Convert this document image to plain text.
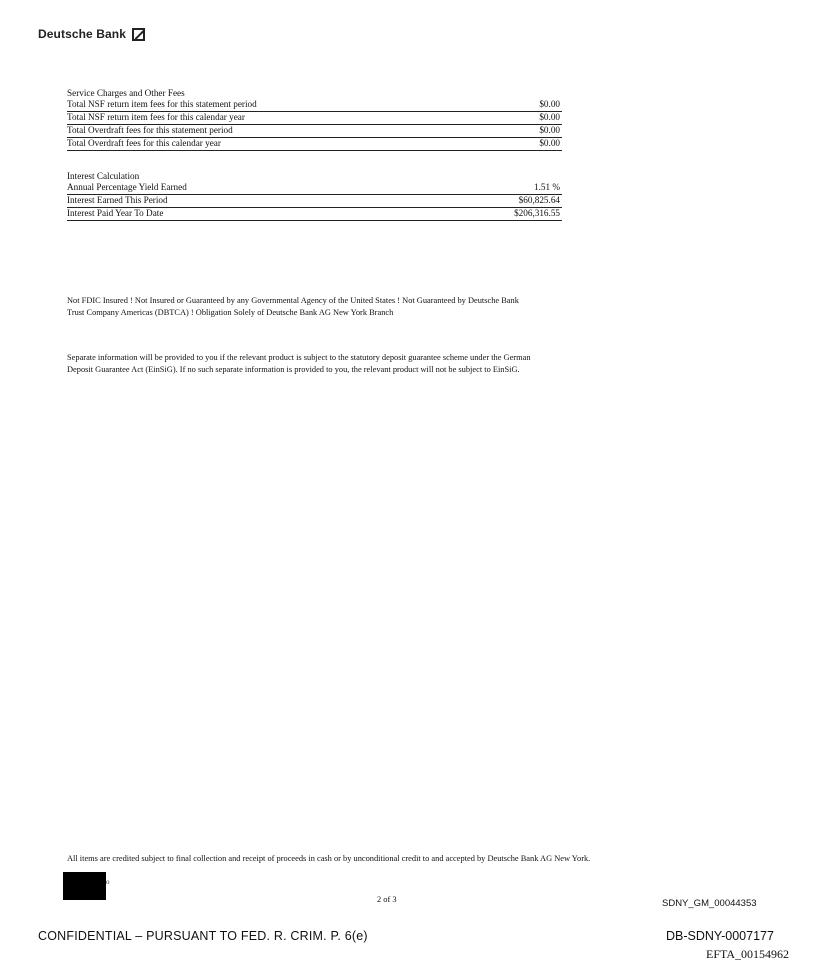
Deutsche Bank
Service Charges and Other Fees
Total NSF return item fees for this statement period	$0.00
Total NSF return item fees for this calendar year	$0.00
Total Overdraft fees for this statement period	$0.00
Total Overdraft fees for this calendar year	$0.00
Interest Calculation
Annual Percentage Yield Earned	1.51 %
Interest Earned This Period	$60,825.64
Interest Paid Year To Date	$206,316.55
Not FDIC Insured ! Not Insured or Guaranteed by any Governmental Agency of the United States ! Not Guaranteed by Deutsche Bank Trust Company Americas (DBTCA) ! Obligation Solely of Deutsche Bank AG New York Branch
Separate information will be provided to you if the relevant product is subject to the statutory deposit guarantee scheme under the German Deposit Guarantee Act (EinSiG). If no such separate information is provided to you, the relevant product will not be subject to EinSiG.
All items are credited subject to final collection and receipt of proceeds in cash or by unconditional credit to and accepted by Deutsche Bank AG New York.
o
2 of 3	SDNY_GM_00044353
CONFIDENTIAL – PURSUANT TO FED. R. CRIM. P. 6(e)	DB-SDNY-0007177
EFTA_00154962
